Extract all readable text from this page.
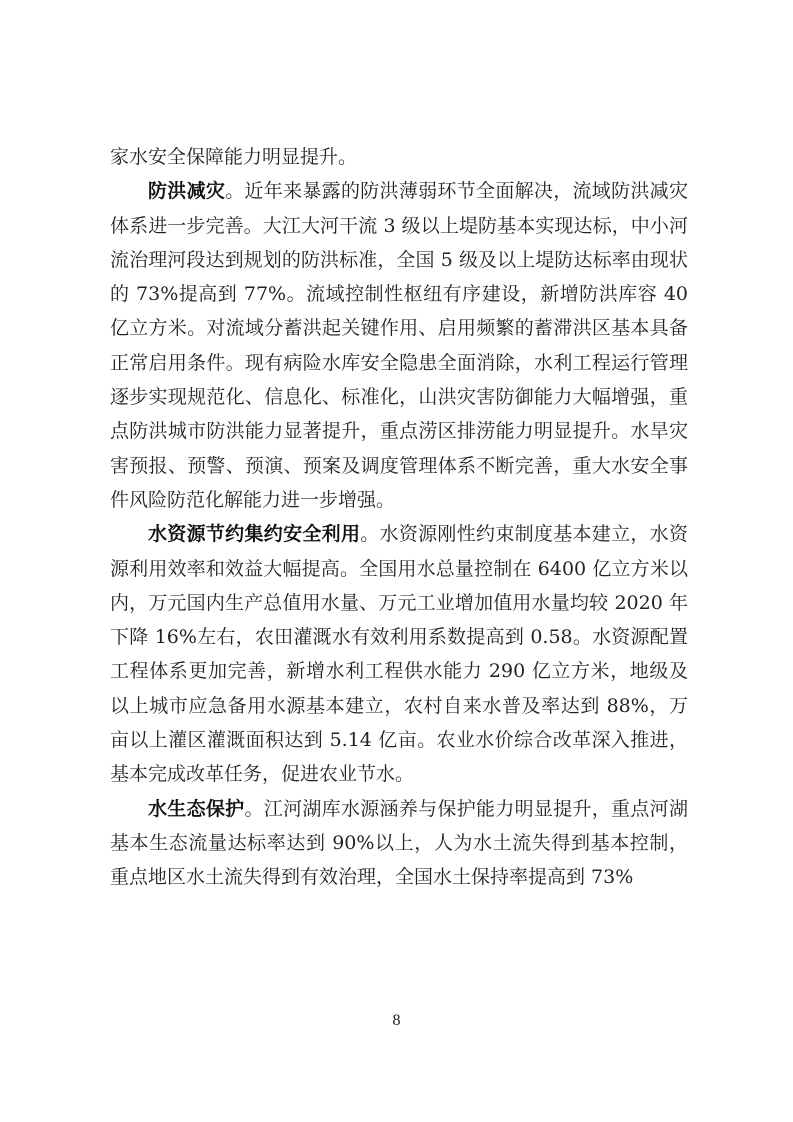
家水安全保障能力明显提升。

防洪减灾。近年来暴露的防洪薄弱环节全面解决，流域防洪减灾体系进一步完善。大江大河干流 3 级以上堤防基本实现达标，中小河流治理河段达到规划的防洪标准，全国 5 级及以上堤防达标率由现状的 73%提高到 77%。流域控制性枢纽有序建设，新增防洪库容 40 亿立方米。对流域分蓄洪起关键作用、启用频繁的蓄滞洪区基本具备正常启用条件。现有病险水库安全隐患全面消除，水利工程运行管理逐步实现规范化、信息化、标准化，山洪灾害防御能力大幅增强，重点防洪城市防洪能力显著提升，重点涝区排涝能力明显提升。水旱灾害预报、预警、预演、预案及调度管理体系不断完善，重大水安全事件风险防范化解能力进一步增强。

水资源节约集约安全利用。水资源刚性约束制度基本建立，水资源利用效率和效益大幅提高。全国用水总量控制在 6400 亿立方米以内，万元国内生产总值用水量、万元工业增加值用水量均较 2020 年下降 16%左右，农田灌溉水有效利用系数提高到 0.58。水资源配置工程体系更加完善，新增水利工程供水能力 290 亿立方米，地级及以上城市应急备用水源基本建立，农村自来水普及率达到 88%，万亩以上灌区灌溉面积达到 5.14 亿亩。农业水价综合改革深入推进，基本完成改革任务，促进农业节水。

水生态保护。江河湖库水源涵养与保护能力明显提升，重点河湖基本生态流量达标率达到 90%以上，人为水土流失得到基本控制，重点地区水土流失得到有效治理，全国水土保持率提高到 73%

8
